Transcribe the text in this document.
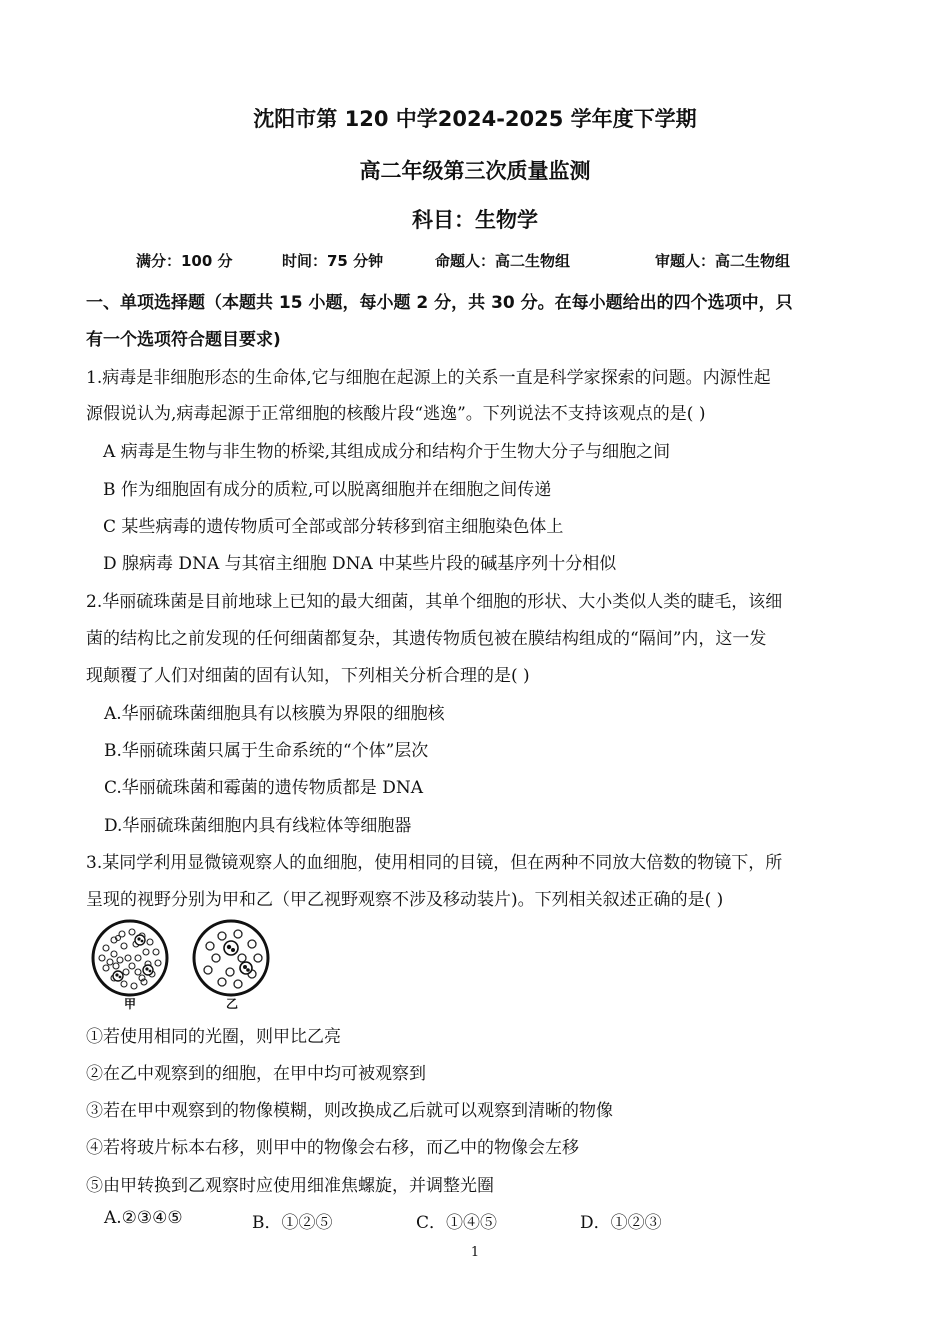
沈阳市第 120 中学2024-2025 学年度下学期
高二年级第三次质量监测
科目：生物学
满分：100 分	时间：75 分钟	命题人：高二生物组	审题人：高二生物组
一、单项选择题（本题共 15 小题，每小题 2 分，共 30 分。在每小题给出的四个选项中，只
有一个选项符合题目要求)
1.病毒是非细胞形态的生命体,它与细胞在起源上的关系一直是科学家探索的问题。内源性起
源假说认为,病毒起源于正常细胞的核酸片段“逃逸”。下列说法不支持该观点的是( )
A 病毒是生物与非生物的桥梁,其组成成分和结构介于生物大分子与细胞之间
B 作为细胞固有成分的质粒,可以脱离细胞并在细胞之间传递
C 某些病毒的遗传物质可全部或部分转移到宿主细胞染色体上
D 腺病毒 DNA 与其宿主细胞 DNA 中某些片段的碱基序列十分相似
2.华丽硫珠菌是目前地球上已知的最大细菌，其单个细胞的形状、大小类似人类的睫毛，该细
菌的结构比之前发现的任何细菌都复杂，其遗传物质包被在膜结构组成的“隔间”内，这一发
现颠覆了人们对细菌的固有认知，下列相关分析合理的是( )
A.华丽硫珠菌细胞具有以核膜为界限的细胞核
B.华丽硫珠菌只属于生命系统的“个体”层次
C.华丽硫珠菌和霉菌的遗传物质都是 DNA
D.华丽硫珠菌细胞内具有线粒体等细胞器
3.某同学利用显微镜观察人的血细胞，使用相同的目镜，但在两种不同放大倍数的物镜下，所
呈现的视野分别为甲和乙（甲乙视野观察不涉及移动装片)。下列相关叙述正确的是( )
甲	乙
①若使用相同的光圈，则甲比乙亮
②在乙中观察到的细胞，在甲中均可被观察到
③若在甲中观察到的物像模糊，则改换成乙后就可以观察到清晰的物像
④若将玻片标本右移，则甲中的物像会右移，而乙中的物像会左移
⑤由甲转换到乙观察时应使用细准焦螺旋，并调整光圈
A.②③④⑤	B．①②⑤	C．①④⑤	D．①②③
1
